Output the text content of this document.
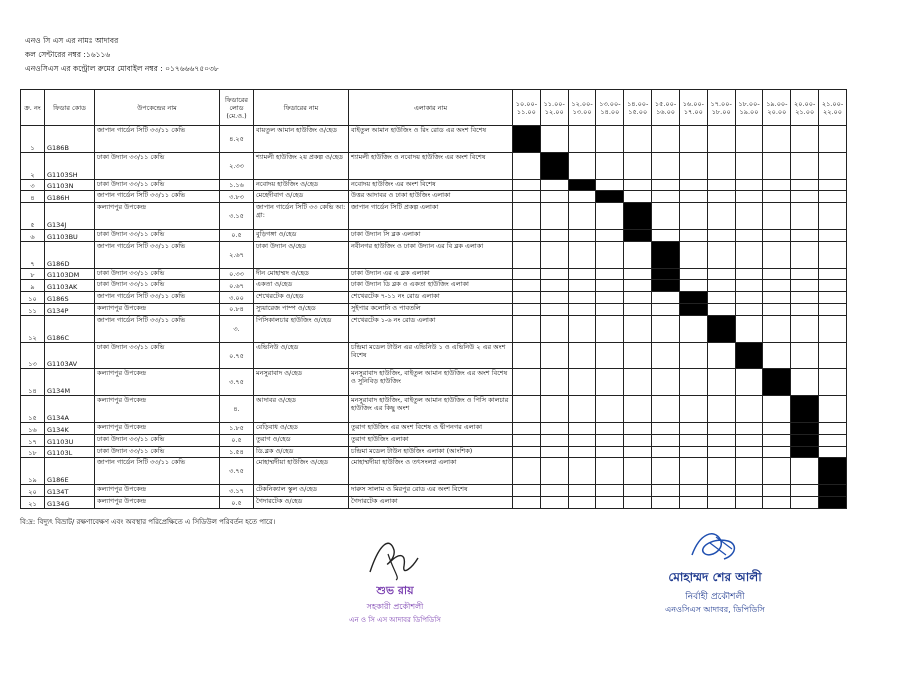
এনও সি এস এর নামঃ আদাবর
কল সেন্টারের নম্বর :১৬১১৬
এনওসিএস এর কন্ট্রোল রুমের মোবাইল নম্বর : ০১৭৬৬৬৭৫০৩৮
ক্র. নং	ফিডার কোড	উপকেন্দ্রের নাম	ফিডারের লোড (মে.ও.)	ফিডারের নাম	এলাকার নাম	১০.০০- ১১.০০	১১.০০- ১২.০০	১২.০০- ১৩.০০	১৩.০০- ১৪.০০	১৪.০০- ১৫.০০	১৫.০০- ১৬.০০	১৬.০০- ১৭.০০	১৭.০০- ১৮.০০	১৮.০০- ১৯.০০	১৯.০০- ২০.০০	২০.০০- ২১.০০	২১.০০- ২২.০০
১	G186B	জাপান গার্ডেন সিটি ৩৩/১১ কেভি	৪.২৫	বায়তুল আমান হাউজিং ও/হেড	বাইতুল আমান হাউজিং ও রিং রোড এর অংশ বিশেষ												
২	G1103SH	ঢাকা উদ্যান ৩৩/১১ কেভি	২.৩৩	শ্যামলী হাউজিং ২য় প্রকল্প ও/হেড	শ্যামলী হাউজিং ও নবোদয় হাউজিং এর অংশ বিশেষ												
৩	G1103N	ঢাকা উদ্যান ৩৩/১১ কেভি	১.১৬	নবোদয় হাউজিং ও/হেড	নবোদয় হাউজিং এর অংশ বিশেষ												
৪	G186H	জাপান গার্ডেন সিটি ৩৩/১১ কেভি	৩.৮৩	মেহেদীবাগ ও/হেড	উত্তর আদাবর ও ঢাকা হাউজিং এলাকা												
৫	G134J	কল্যাণপুর উপকেন্দ্র	৩.১৫	জাপান গার্ডেন সিটি ৩৩ কেভি আ: গ্রা:	জাপান গার্ডেন সিটি প্রকল্প এলাকা												
৬	G1103BU	ঢাকা উদ্যান ৩৩/১১ কেভি	০.৫	বুড়িগঙ্গা ও/হেড	ঢাকা উদ্যান সি ব্লক এলাকা												
৭	G186D	জাপান গার্ডেন সিটি ৩৩/১১ কেভি	২.৬৭	ঢাকা উদ্যান ও/হেড	নবীনগর হাউজিং ও ঢাকা উদ্যান এর বি ব্লক এলাকা												
৮	G1103DM	ঢাকা উদ্যান ৩৩/১১ কেভি	০.৩৩	দীন মোহাম্মদ ও/হেড	ঢাকা উদ্যান এর এ ব্লক এলাকা												
৯	G1103AK	ঢাকা উদ্যান ৩৩/১১ কেভি	০.৬৭	একতা ও/হেড	ঢাকা উদ্যান ডি ব্লক ও একতা হাউজিং এলাকা												
১০	G186S	জাপান গার্ডেন সিটি ৩৩/১১ কেভি	৩.০০	শেখেরটেক ও/হেড	শেখেরটেক ৭-১১ নং রোড এলাকা												
১১	G134P	কল্যাণপুর উপকেন্দ্র	০.৮৪	স্যুয়ারেজ পাম্প ও/হেড	সুইপার কলোনি ও পাবতলি												
১২	G186C	জাপান গার্ডেন সিটি ৩৩/১১ কেভি	৩.	পিসিকালচার হাউজিং ও/হেড	শেখেরটেক ১-৬ নং রোড এলাকা												
১৩	G1103AV	ঢাকা উদ্যান ৩৩/১১ কেভি	০.৭৫	এভিনিউ ও/হেড	চন্দ্রিমা মডেল টাউন এর এভিনিউ ১ ও এভিনিউ ২ এর অংশ বিশেষ												
১৪	G134M	কল্যাণপুর উপকেন্দ্র	৩.৭৫	মনসুরাবাদ ও/হেড	মনসুরাবাদ হাউজিং, বাইতুল আমান হাউজিং এর অংশ বিশেষ ও সুনিবিড় হাউজিং												
১৫	G134A	কল্যাণপুর উপকেন্দ্র	৪.	আদাবর ও/হেড	মনসুরাবাদ হাউজিং, বাইতুল আমান হাউজিং ও পিসি কালচার হাউজিং এর কিছু অংশ												
১৬	G134K	কল্যাণপুর উপকেন্দ্র	১.৮৫	বেড়িবাধ ও/হেড	তুরাগ হাউজিং এর অংশ বিশেষ ও দ্বীপনগর এলাকা												
১৭	G1103U	ঢাকা উদ্যান ৩৩/১১ কেভি	০.৫	তুরাগ ও/হেড	তুরাগ হাউজিং এলাকা												
১৮	G1103L	ঢাকা উদ্যান ৩৩/১১ কেভি	১.৫৪	ডি.ব্লক ও/হেড	চন্দ্রিমা মডেল টাউন হাউজিং এলাকা (আংশিক)												
১৯	G186E	জাপান গার্ডেন সিটি ৩৩/১১ কেভি	৩.৭৫	মোহাম্মদীয়া হাউজিং ও/হেড	মোহাম্মদীয়া হাউজিং ও তৎসংলগ্ন এলাকা												
২০	G134T	কল্যাণপুর উপকেন্দ্র	৩.১৭	টেকনিক্যাল স্কুল ও/হেড	দারুস সালাম ও মিরপুর রোড এর অংশ বিশেষ												
২১	G134G	কল্যাণপুর উপকেন্দ্র	০.৫	গৈদারটেক ও/হেড	গৈদারটেক এলাকা												
বি:দ্র: বিদ্যুৎ বিভ্রাট/ রক্ষণাবেক্ষণ এবং অবস্থার পরিপ্রেক্ষিতে এ সিডিউল পরিবর্তন হতে পারে।
শুভ রায়
সহকারী প্রকৌশলী
এন ও সি এস আদাবর ডিপিডিসি
মোহাম্মদ শের আলী
নির্বাহী প্রকৌশলী
এনওসিএস আদাবর, ডিপিডিসি
